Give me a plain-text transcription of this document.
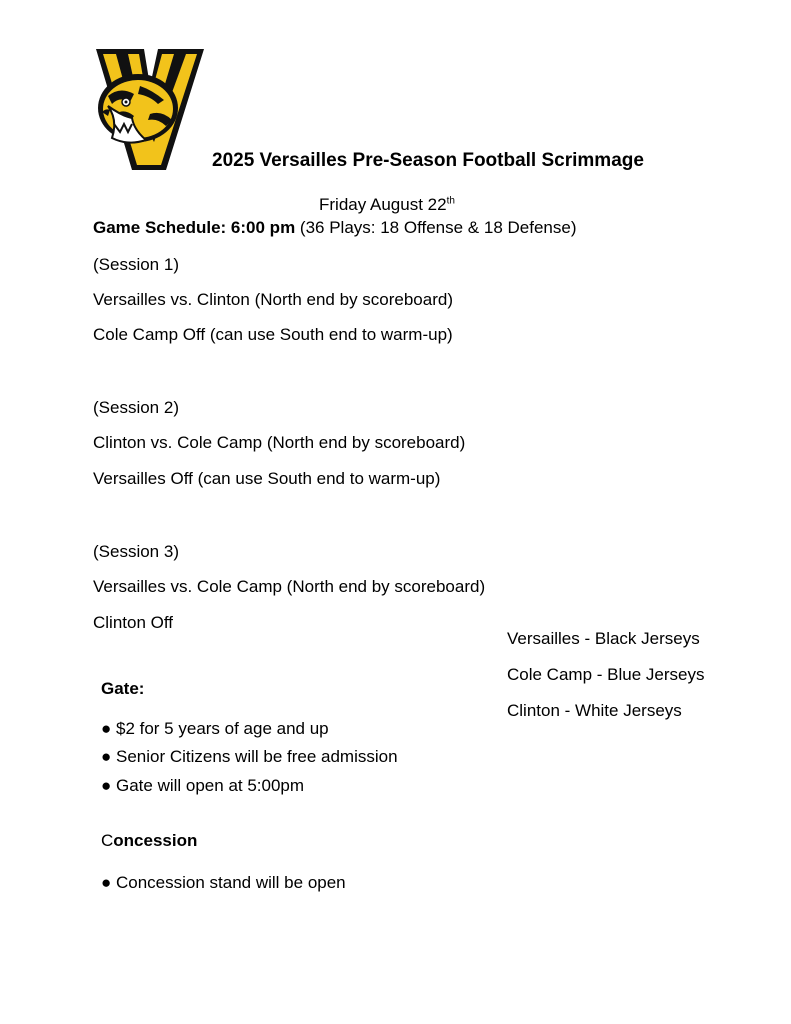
2025 Versailles Pre-Season Football Scrimmage
Friday August 22th
Game Schedule: 6:00 pm (36 Plays: 18 Offense & 18 Defense)
(Session 1)
Versailles vs. Clinton (North end by scoreboard)
Cole Camp Off (can use South end to warm-up)
(Session 2)
Clinton vs. Cole Camp (North end by scoreboard)
Versailles Off (can use South end to warm-up)
(Session 3)
Versailles vs. Cole Camp (North end by scoreboard)
Clinton Off
Versailles - Black Jerseys
Cole Camp - Blue Jerseys
Clinton - White Jerseys
Gate:
● $2 for 5 years of age and up
● Senior Citizens will be free admission
● Gate will open at 5:00pm
Concession
● Concession stand will be open
